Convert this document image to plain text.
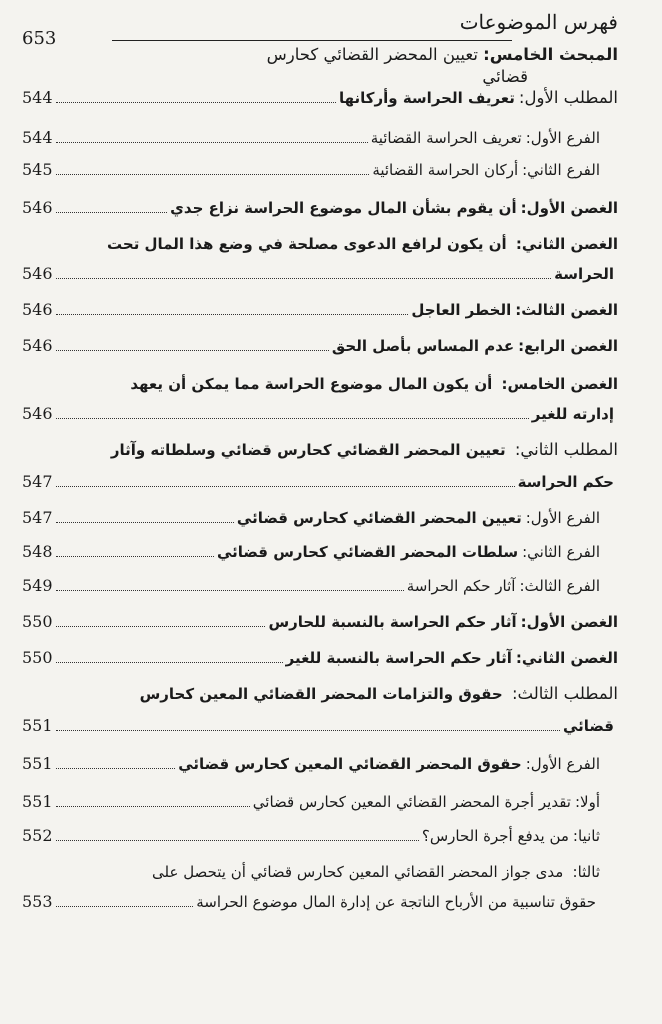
فهرس الموضوعات
653
المبحث الخامس: تعيين المحضر القضائي كحارس
قضائي
المطلب الأول:
تعريف الحراسة وأركانها
544
الفرع الأول:
تعريف الحراسة القضائية
544
الفرع الثاني:
أركان الحراسة القضائية
545
الغصن الأول:
أن يقوم بشأن المال موضوع الحراسة نزاع جدي
546
الغصن الثاني: أن يكون لرافع الدعوى مصلحة في وضع هذا المال تحت
الحراسة
546
الغصن الثالث:
الخطر العاجل
546
الغصن الرابع:
عدم المساس بأصل الحق
546
الغصن الخامس: أن يكون المال موضوع الحراسة مما يمكن أن يعهد
إدارته للغير
546
المطلب الثاني: تعيين المحضر القضائي كحارس قضائي وسلطاته وآثار
حكم الحراسة
547
الفرع الأول:
تعيين المحضر القضائي كحارس قضائي
547
الفرع الثاني:
سلطات المحضر القضائي كحارس قضائي
548
الفرع الثالث:
آثار حكم الحراسة
549
الغصن الأول:
آثار حكم الحراسة بالنسبة للحارس
550
الغصن الثاني:
آثار حكم الحراسة بالنسبة للغير
550
المطلب الثالث: حقوق والتزامات المحضر القضائي المعين كحارس
قضائي
551
الفرع الأول:
حقوق المحضر القضائي المعين كحارس قضائي
551
أولا:
تقدير أجرة المحضر القضائي المعين كحارس قضائي
551
ثانيا:
من يدفع أجرة الحارس؟
552
ثالثا: مدى جواز المحضر القضائي المعين كحارس قضائي أن يتحصل على
حقوق تناسبية من الأرباح الناتجة عن إدارة المال موضوع الحراسة
553
